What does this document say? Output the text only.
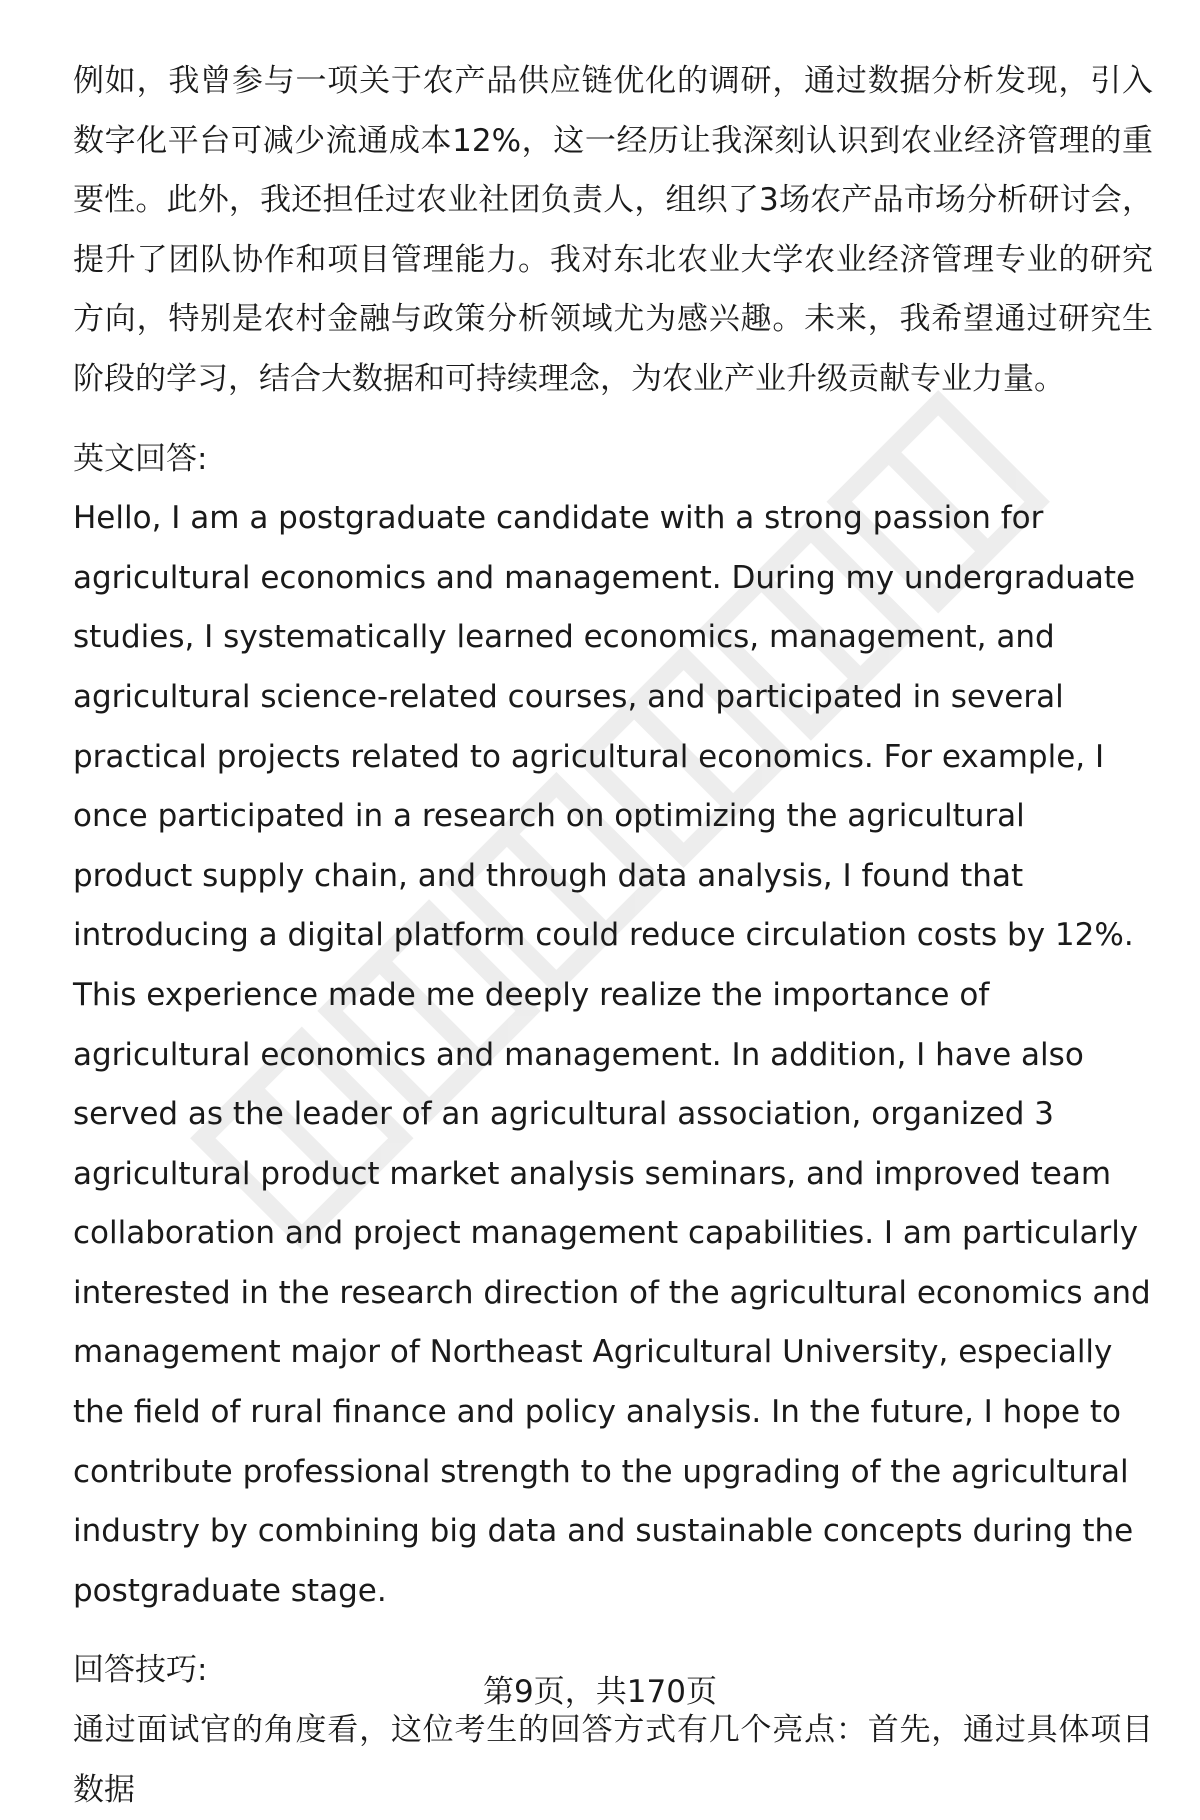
例如，我曾参与一项关于农产品供应链优化的调研，通过数据分析发现，引入数字化平台可减少流通成本12%，这一经历让我深刻认识到农业经济管理的重要性。此外，我还担任过农业社团负责人，组织了3场农产品市场分析研讨会，提升了团队协作和项目管理能力。我对东北农业大学农业经济管理专业的研究方向，特别是农村金融与政策分析领域尤为感兴趣。未来，我希望通过研究生阶段的学习，结合大数据和可持续理念，为农业产业升级贡献专业力量。

英文回答:

Hello, I am a postgraduate candidate with a strong passion for agricultural economics and management. During my undergraduate studies, I systematically learned economics, management, and agricultural science-related courses, and participated in several practical projects related to agricultural economics. For example, I once participated in a research on optimizing the agricultural product supply chain, and through data analysis, I found that introducing a digital platform could reduce circulation costs by 12%. This experience made me deeply realize the importance of agricultural economics and management. In addition, I have also served as the leader of an agricultural association, organized 3 agricultural product market analysis seminars, and improved team collaboration and project management capabilities. I am particularly interested in the research direction of the agricultural economics and management major of Northeast Agricultural University, especially the field of rural finance and policy analysis. In the future, I hope to contribute professional strength to the upgrading of the agricultural industry by combining big data and sustainable concepts during the postgraduate stage.

回答技巧:

通过面试官的角度看，这位考生的回答方式有几个亮点：首先，通过具体项目数据

第9页，共170页
